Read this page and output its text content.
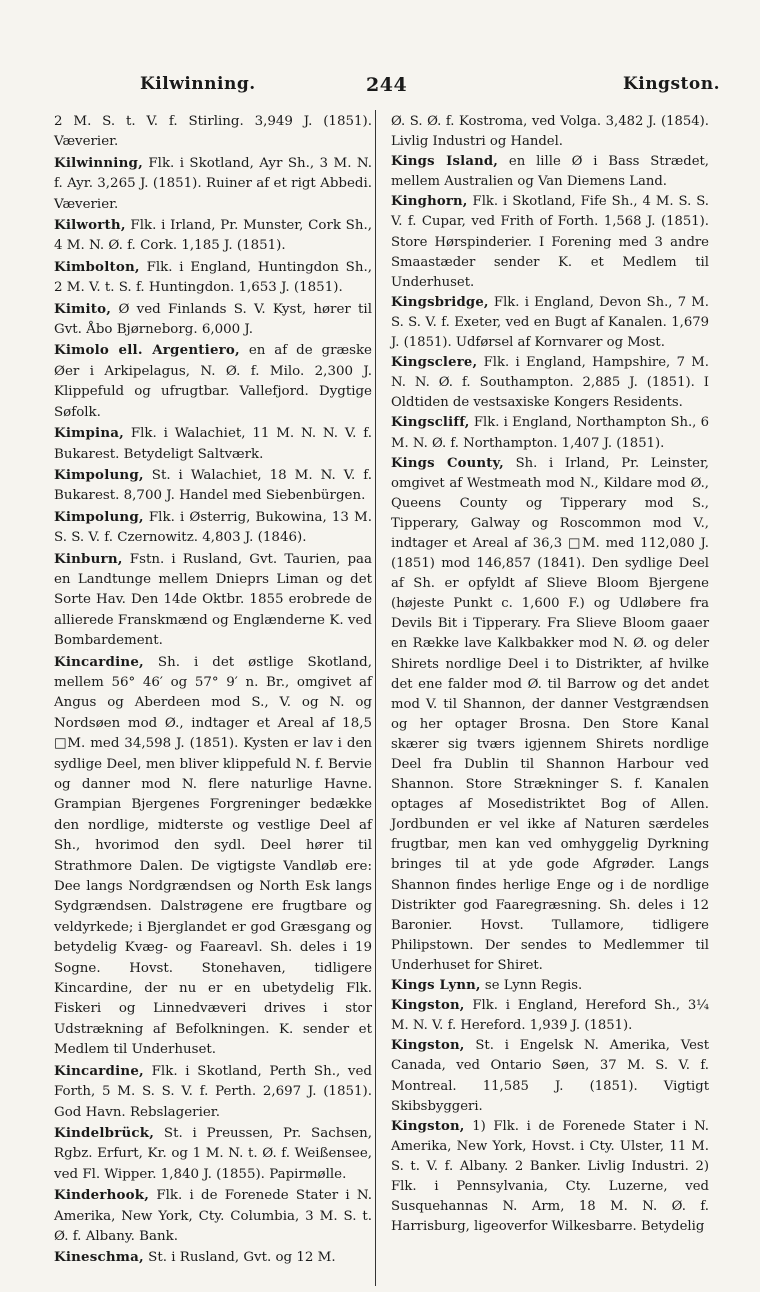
Kilwinning.	244	Kingston.

2 M. S. t. V. f. Stirling. 3,949 J. (1851). Væverier.

Kilwinning, Flk. i Skotland, Ayr Sh., 3 M. N. f. Ayr. 3,265 J. (1851). Ruiner af et rigt Abbedi. Væverier.

Kilworth, Flk. i Irland, Pr. Munster, Cork Sh., 4 M. N. Ø. f. Cork. 1,185 J. (1851).

Kimbolton, Flk. i England, Huntingdon Sh., 2 M. V. t. S. f. Huntingdon. 1,653 J. (1851).

Kimito, Ø ved Finlands S. V. Kyst, hører til Gvt. Åbo Bjørneborg. 6,000 J.

Kimolo ell. Argentiero, en af de græske Øer i Arkipelagus, N. Ø. f. Milo. 2,300 J. Klippefuld og ufrugtbar. Vallefjord. Dygtige Søfolk.

Kimpina, Flk. i Walachiet, 11 M. N. N. V. f. Bukarest. Betydeligt Saltværk.

Kimpolung, St. i Walachiet, 18 M. N. V. f. Bukarest. 8,700 J. Handel med Siebenbürgen.

Kimpolung, Flk. i Østerrig, Bukowina, 13 M. S. S. V. f. Czernowitz. 4,803 J. (1846).

Kinburn, Fstn. i Rusland, Gvt. Taurien, paa en Landtunge mellem Dnieprs Liman og det Sorte Hav. Den 14de Oktbr. 1855 erobrede de allierede Franskmænd og Englænderne K. ved Bombardement.

Kincardine, Sh. i det østlige Skotland, mellem 56° 46′ og 57° 9′ n. Br., omgivet af Angus og Aberdeen mod S., V. og N. og Nordsøen mod Ø., indtager et Areal af 18,5 □M. med 34,598 J. (1851). Kysten er lav i den sydlige Deel, men bliver klippefuld N. f. Bervie og danner mod N. flere naturlige Havne. Grampian Bjergenes Forgreninger bedække den nordlige, midterste og vestlige Deel af Sh., hvorimod den sydl. Deel hører til Strathmore Dalen. De vigtigste Vandløb ere: Dee langs Nordgrændsen og North Esk langs Sydgrændsen. Dalstrøgene ere frugtbare og veldyrkede; i Bjerglandet er god Græsgang og betydelig Kvæg- og Faareavl. Sh. deles i 19 Sogne. Hovst. Stonehaven, tidligere Kincardine, der nu er en ubetydelig Flk. Fiskeri og Linnedvæveri drives i stor Udstrækning af Befolkningen. K. sender et Medlem til Underhuset.

Kincardine, Flk. i Skotland, Perth Sh., ved Forth, 5 M. S. S. V. f. Perth. 2,697 J. (1851). God Havn. Rebslagerier.

Kindelbrück, St. i Preussen, Pr. Sachsen, Rgbz. Erfurt, Kr. og 1 M. N. t. Ø. f. Weißensee, ved Fl. Wipper. 1,840 J. (1855). Papirmølle.

Kinderhook, Flk. i de Forenede Stater i N. Amerika, New York, Cty. Columbia, 3 M. S. t. Ø. f. Albany. Bank.

Kineschma, St. i Rusland, Gvt. og 12 M.

Ø. S. Ø. f. Kostroma, ved Volga. 3,482 J. (1854). Livlig Industri og Handel.

Kings Island, en lille Ø i Bass Strædet, mellem Australien og Van Diemens Land.

Kinghorn, Flk. i Skotland, Fife Sh., 4 M. S. S. V. f. Cupar, ved Frith of Forth. 1,568 J. (1851). Store Hørspinderier. I Forening med 3 andre Smaastæder sender K. et Medlem til Underhuset.

Kingsbridge, Flk. i England, Devon Sh., 7 M. S. S. V. f. Exeter, ved en Bugt af Kanalen. 1,679 J. (1851). Udførsel af Kornvarer og Most.

Kingsclere, Flk. i England, Hampshire, 7 M. N. N. Ø. f. Southampton. 2,885 J. (1851). I Oldtiden de vestsaxiske Kongers Residents.

Kingscliff, Flk. i England, Northampton Sh., 6 M. N. Ø. f. Northampton. 1,407 J. (1851).

Kings County, Sh. i Irland, Pr. Leinster, omgivet af Westmeath mod N., Kildare mod Ø., Queens County og Tipperary mod S., Tipperary, Galway og Roscommon mod V., indtager et Areal af 36,3 □M. med 112,080 J. (1851) mod 146,857 (1841). Den sydlige Deel af Sh. er opfyldt af Slieve Bloom Bjergene (højeste Punkt c. 1,600 F.) og Udløbere fra Devils Bit i Tipperary. Fra Slieve Bloom gaaer en Række lave Kalkbakker mod N. Ø. og deler Shirets nordlige Deel i to Distrikter, af hvilke det ene falder mod Ø. til Barrow og det andet mod V. til Shannon, der danner Vestgrændsen og her optager Brosna. Den Store Kanal skærer sig tværs igjennem Shirets nordlige Deel fra Dublin til Shannon Harbour ved Shannon. Store Strækninger S. f. Kanalen optages af Mosedistriktet Bog of Allen. Jordbunden er vel ikke af Naturen særdeles frugtbar, men kan ved omhyggelig Dyrkning bringes til at yde gode Afgrøder. Langs Shannon findes herlige Enge og i de nordlige Distrikter god Faaregræsning. Sh. deles i 12 Baronier. Hovst. Tullamore, tidligere Philipstown. Der sendes to Medlemmer til Underhuset for Shiret.

Kings Lynn, se Lynn Regis.

Kingston, Flk. i England, Hereford Sh., 3¼ M. N. V. f. Hereford. 1,939 J. (1851).

Kingston, St. i Engelsk N. Amerika, Vest Canada, ved Ontario Søen, 37 M. S. V. f. Montreal. 11,585 J. (1851). Vigtigt Skibsbyggeri.

Kingston, 1) Flk. i de Forenede Stater i N. Amerika, New York, Hovst. i Cty. Ulster, 11 M. S. t. V. f. Albany. 2 Banker. Livlig Industri. 2) Flk. i Pennsylvania, Cty. Luzerne, ved Susquehannas N. Arm, 18 M. N. Ø. f. Harrisburg, ligeoverfor Wilkesbarre. Betydelig
